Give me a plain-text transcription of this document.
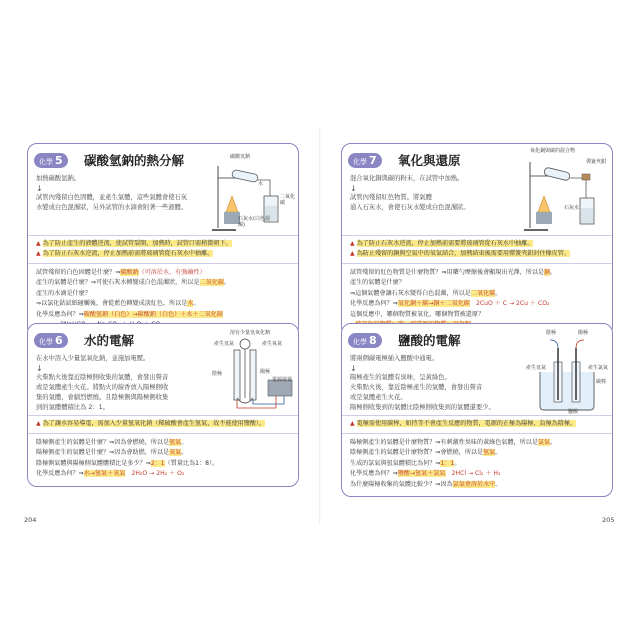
化學 5	碳酸氫鈉的熱分解

加熱碳酸氫鈉。

↓

試管內殘留白色固體，並產生氣體，這些氣體會使石灰

水變成白色混濁狀，另外試管的水滴會附著一些液體。

碳酸氫鈉
水
石灰水(白色混濁)
二氧化碳
▲ 為了防止產生的液體逆流，使試管裂開，加熱時，試管口需稍微朝下。
▲ 為了防止石灰水逆流，停止加熱前需將玻璃管從石灰水中抽離。

試管殘留的白色固體是什麼？⇒碳酸鈉（可溶於水，有強鹼性）

產生的氣體是什麼？⇒可使石灰水轉變成白色混濁狀，所以是二氧化碳。

產生的水滴是什麼？

⇒以氯化鈷試紙碰觸後，會從藍色轉變成淡紅色，所以是水。

化學反應為何？⇒碳酸氫鈉（白色）→碳酸鈉（白色）＋水＋二氧化碳

化學 6	水的電解

在水中溶入少量氫氧化鈉，並施加電壓。

↓

火柴點火後靠近陰極側收集的氣體，會發出聲音

或是氣體產生火花。將點火的線香放入陽極側收

集的氣體，會劇烈燃燒。且陰極側與陽極側收集

到的氣體體積比為 2：1。

溶有少量氫氧化鈉
產生氫氣	產生氧氣
陰極	陽極
電源裝置
▲ 為了讓水容易導電，需加入少量氫氧化鈉（稀硫酸會產生氫氣，故不能使用鹽酸）。

陰極側產生的氣體是什麼？⇒因為會燃燒，所以是氫氣。

陽極側產生的氣體是什麼？⇒因為會助燃，所以是氧氣。

陰極側氣體與陽極側氣體體積比是多少？⇒2：1（質量比為1：8）。

化學反應為何？⇒水→氫氣＋氧氣　2H₂O → 2H₂ ＋ O₂

化學 7	氧化與還原

混合氧化銅與碳的粉末，在試管中加熱。

↓

試管內殘留紅色物質。將氣體

通入石灰水，會使石灰水變成白色混濁狀。

氧化銅與碳的混合物
彈簧夾鉗
石灰水
▲ 為了防止石灰水逆流，停止加熱前需要將玻璃管從石灰水中抽離。
▲ 為防止殘留的銅與空氣中的氧氣結合，加熱結束後需要用彈簧夾鉗封住橡皮管。

試管殘留的紅色物質是什麼物質？⇒用藥勺摩擦後會顯現出光澤，所以是銅。

產生的氣體是什麼？

⇒這個氣體會讓石灰水變得白色混濁，所以是二氧化碳。

化學反應為何？⇒氧化銅＋碳→銅＋二氧化碳　2CuO ＋ C → 2Cu ＋ CO₂

這個反應中，哪個物質被氧化，哪個物質被還原？

化學 8	鹽酸的電解

將兩個碳電極插入鹽酸中通電。

↓

陽極產生的氣體有臭味，呈黃綠色。

火柴點火後，靠近陰極產生的氣體，會發出聲音

或是氣體產生火花。

陽極側收集到的氣體比陰極側收集到的氣體還要少。

陰極	陽極
產生氫氣	產生氯氣
碳棒
鹽酸
▲ 電極需使用碳棒，如持等不會產生反應的物質，電源的正極為陽極，負極為陰極。

陽極側產生的氣體是什麼物質？⇒有刺激性臭味的黃綠色氣體，所以是氯氣。

陰極側產生的氣體是什麼物質？⇒會燃燒，所以是氫氣。

生成的氯氣與氫氣體積比為何？⇒1：1。

化學反應為何？⇒鹽酸→氫氣＋氯氣　2HCl → Cl₂ ＋ H₂

為什麼陽極收集的氣體比較少？⇒因為氯氣會溶於水中。

204	205
